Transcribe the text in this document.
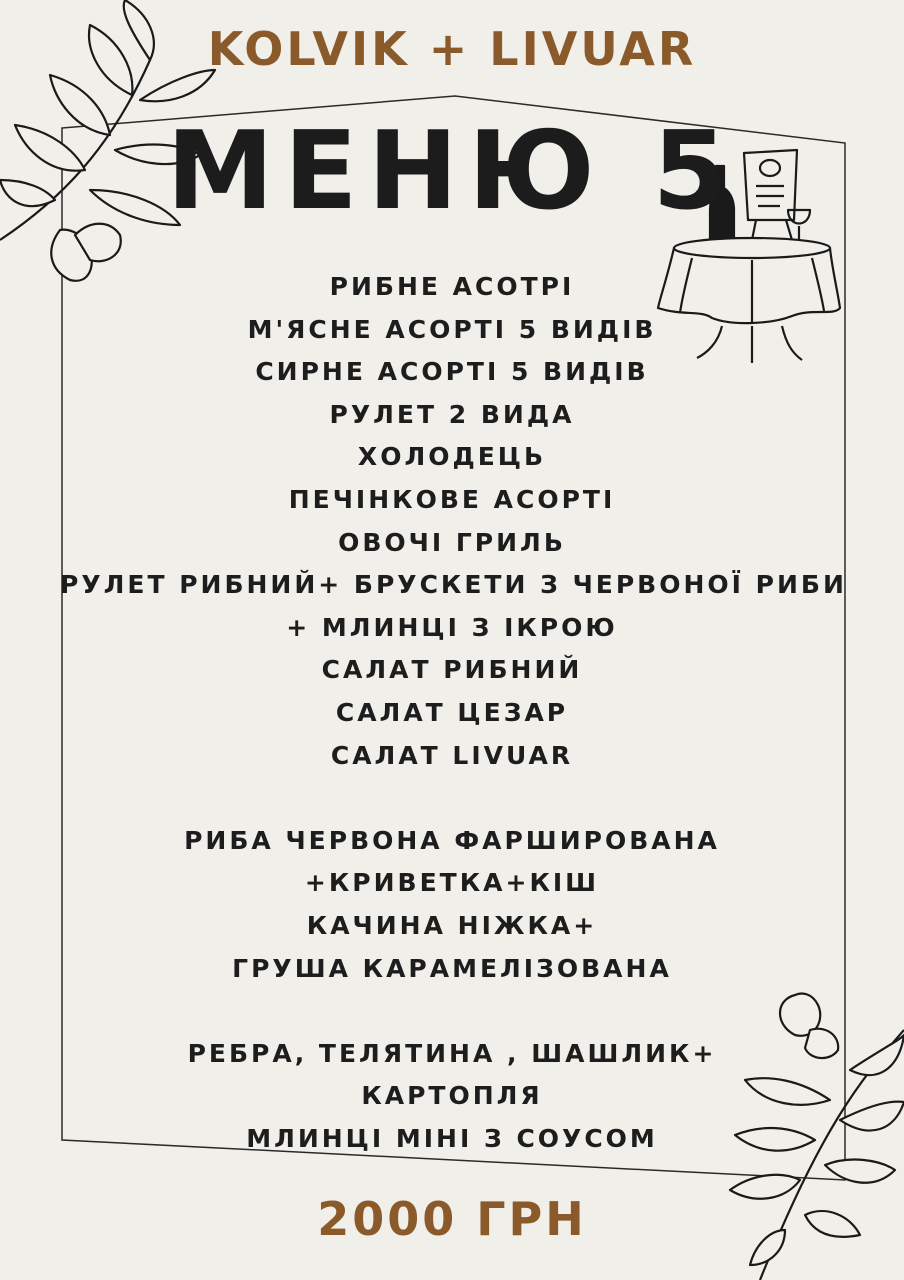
KOLVIK + LIVUAR
МЕНЮ 5
РИБНЕ АСОТРІ
М'ЯСНЕ АСОРТІ 5 ВИДІВ
СИРНЕ АСОРТІ 5 ВИДІВ
РУЛЕТ 2 ВИДА
ХОЛОДЕЦЬ
ПЕЧІНКОВЕ АСОРТІ
ОВОЧІ ГРИЛЬ
РУЛЕТ РИБНИЙ+ БРУСКЕТИ З ЧЕРВОНОЇ РИБИ
+ МЛИНЦІ З ІКРОЮ
САЛАТ РИБНИЙ
САЛАТ ЦЕЗАР
САЛАТ LIVUAR
РИБА ЧЕРВОНА ФАРШИРОВАНА
+КРИВЕТКА+КІШ
КАЧИНА НІЖКА+
ГРУША КАРАМЕЛІЗОВАНА
РЕБРА, ТЕЛЯТИНА , ШАШЛИК+
КАРТОПЛЯ
МЛИНЦІ МІНІ З СОУСОМ
2000 ГРН
